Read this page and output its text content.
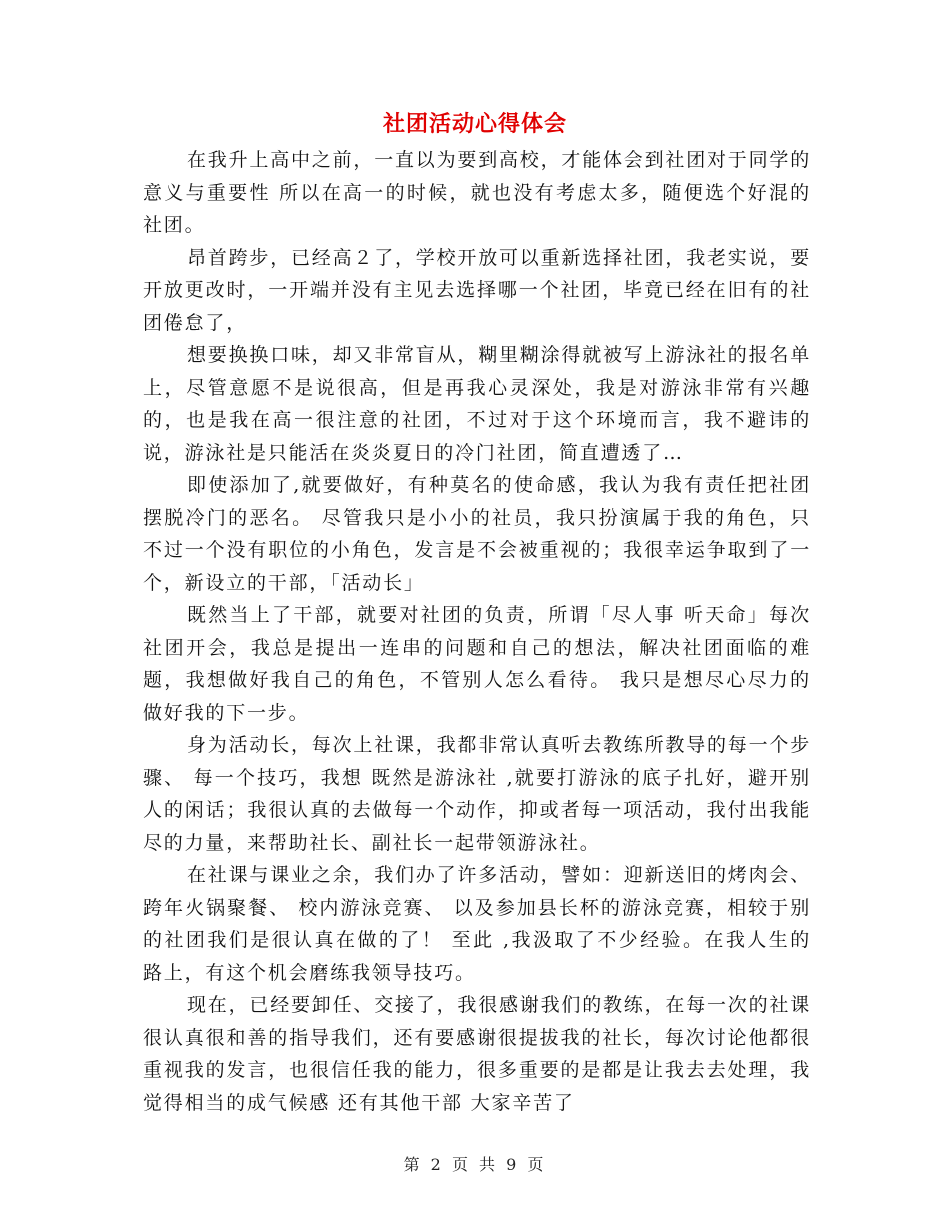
社团活动心得体会

在我升上高中之前，一直以为要到高校，才能体会到社团对于同学的意义与重要性 所以在高一的时候，就也没有考虑太多，随便选个好混的社团。

昂首跨步，已经高２了，学校开放可以重新选择社团，我老实说，要开放更改时，一开端并没有主见去选择哪一个社团，毕竟已经在旧有的社团倦怠了，

想要换换口味，却又非常盲从，糊里糊涂得就被写上游泳社的报名单上，尽管意愿不是说很高，但是再我心灵深处，我是对游泳非常有兴趣的，也是我在高一很注意的社团，不过对于这个环境而言，我不避讳的说，游泳社是只能活在炎炎夏日的冷门社团，简直遭透了…

即使添加了,就要做好，有种莫名的使命感，我认为我有责任把社团摆脱冷门的恶名。 尽管我只是小小的社员，我只扮演属于我的角色，只不过一个没有职位的小角色，发言是不会被重视的；我很幸运争取到了一个，新设立的干部，「活动长」

既然当上了干部，就要对社团的负责，所谓「尽人事 听天命」每次社团开会，我总是提出一连串的问题和自己的想法，解决社团面临的难题，我想做好我自己的角色，不管别人怎么看待。 我只是想尽心尽力的做好我的下一步。

身为活动长，每次上社课，我都非常认真听去教练所教导的每一个步骤、 每一个技巧，我想 既然是游泳社 ,就要打游泳的底子扎好，避开别人的闲话；我很认真的去做每一个动作，抑或者每一项活动，我付出我能尽的力量，来帮助社长、副社长一起带领游泳社。

在社课与课业之余，我们办了许多活动，譬如：迎新送旧的烤肉会、 跨年火锅聚餐、 校内游泳竞赛、 以及参加县长杯的游泳竞赛，相较于别的社团我们是很认真在做的了！ 至此 ,我汲取了不少经验。在我人生的路上，有这个机会磨练我领导技巧。

现在，已经要卸任、交接了，我很感谢我们的教练，在每一次的社课很认真很和善的指导我们，还有要感谢很提拔我的社长，每次讨论他都很重视我的发言，也很信任我的能力，很多重要的是都是让我去去处理，我觉得相当的成气候感 还有其他干部 大家辛苦了

第 2 页 共 9 页
